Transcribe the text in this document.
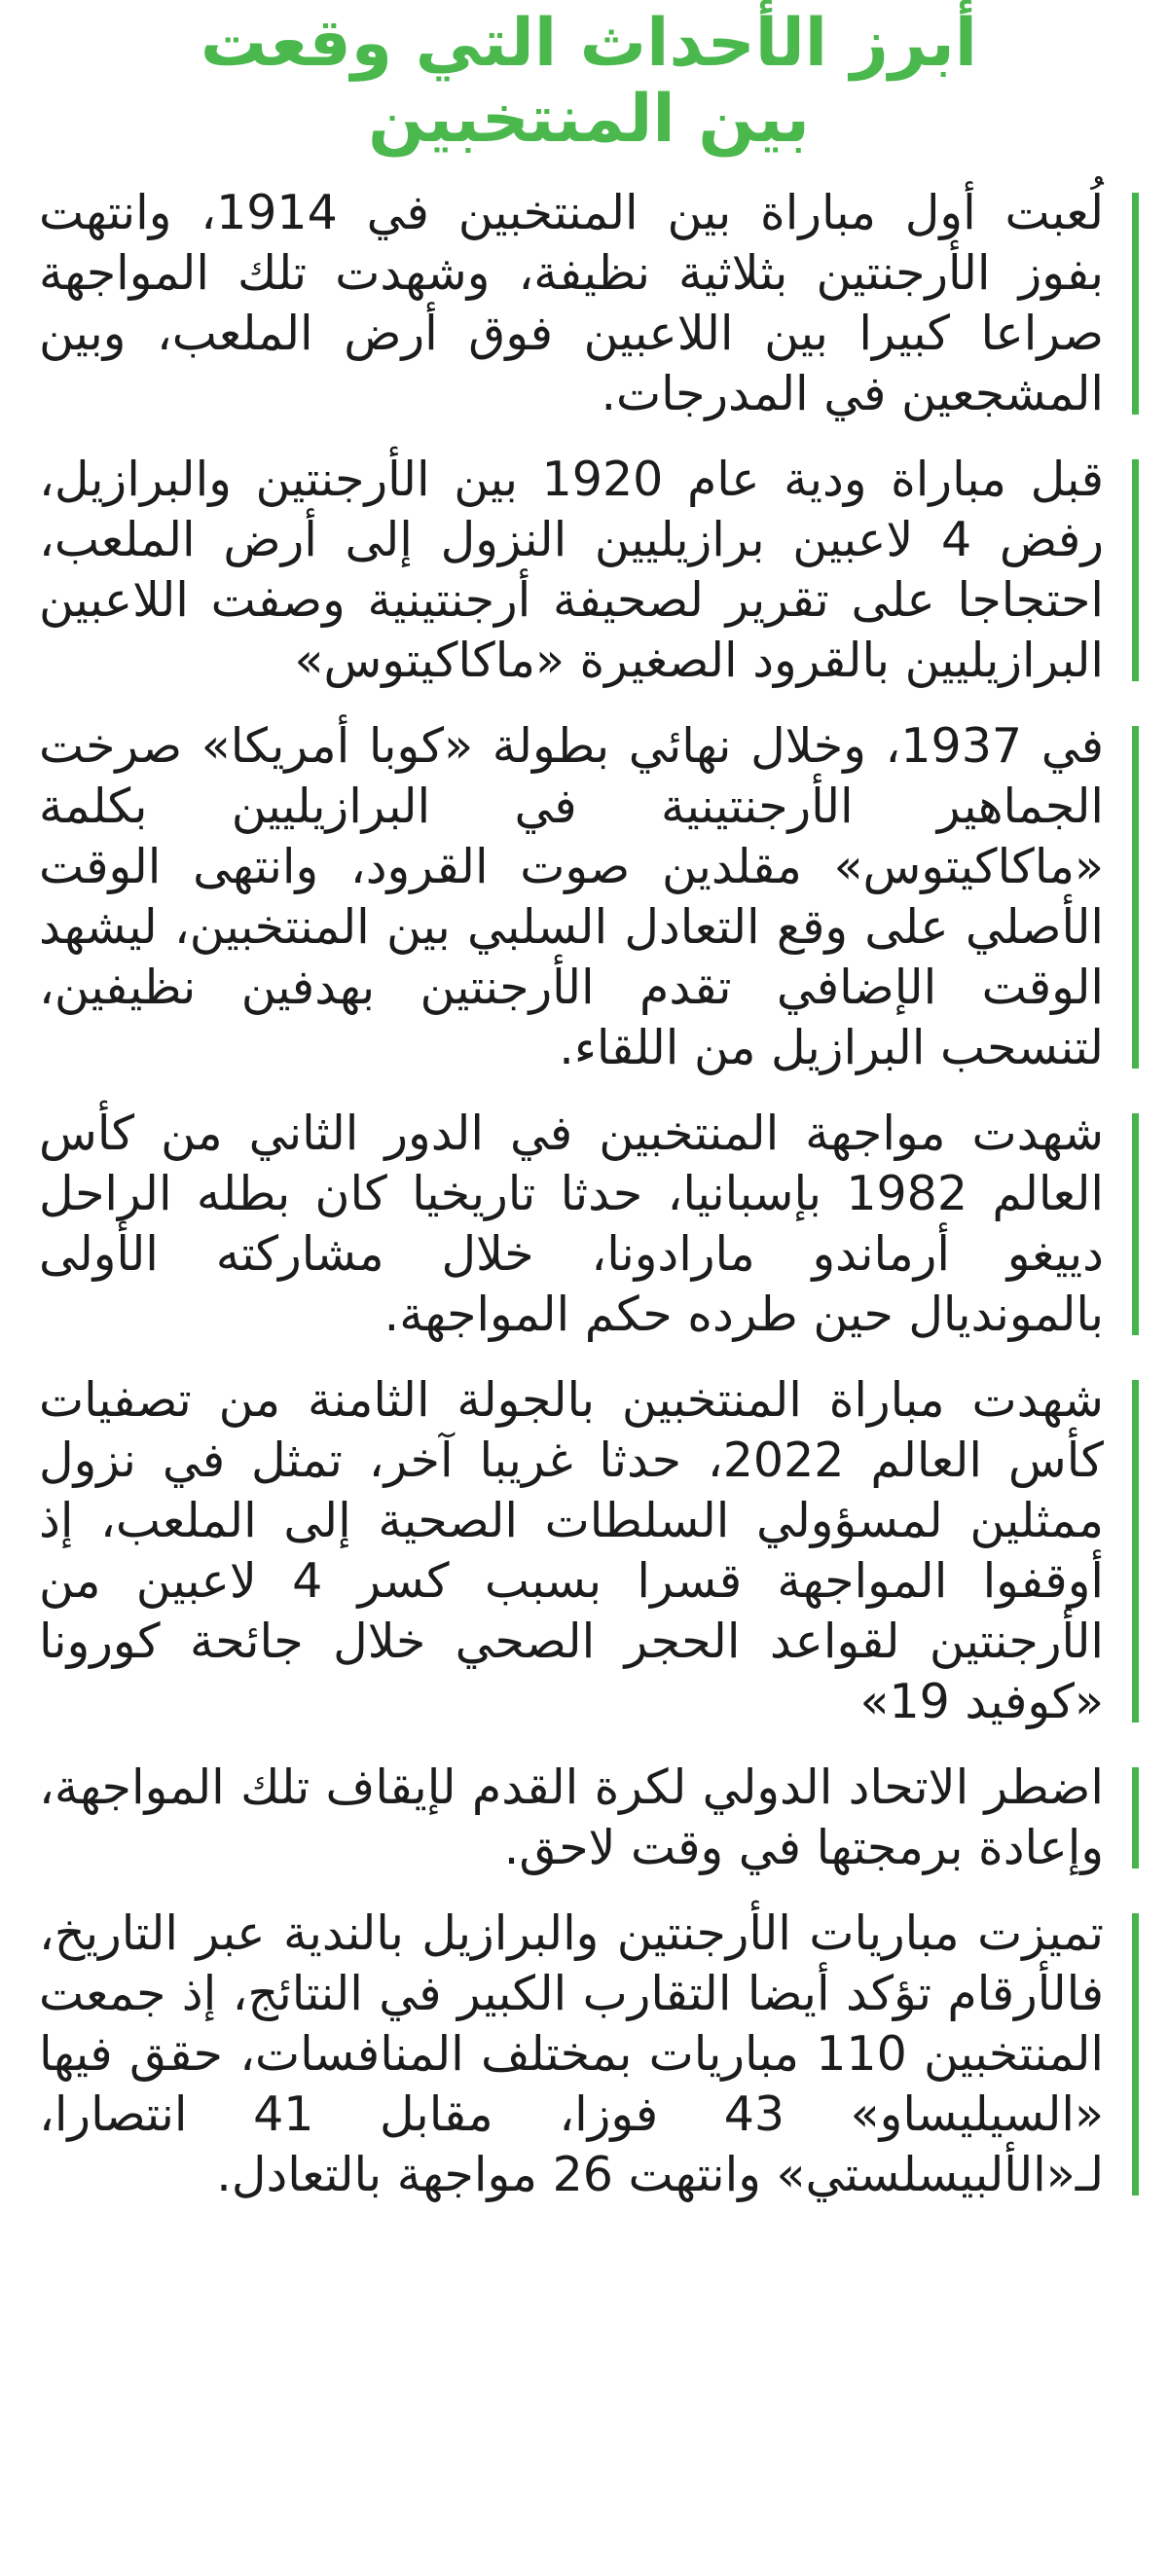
أبرز الأحداث التي وقعت
بين المنتخبين

لُعبت أول مباراة بين المنتخبين في 1914، وانتهت بفوز الأرجنتين بثلاثية نظيفة، وشهدت تلك المواجهة صراعا كبيرا بين اللاعبين فوق أرض الملعب، وبين المشجعين في المدرجات.

قبل مباراة ودية عام 1920 بين الأرجنتين والبرازيل، رفض 4 لاعبين برازيليين النزول إلى أرض الملعب، احتجاجا على تقرير لصحيفة أرجنتينية وصفت اللاعبين البرازيليين بالقرود الصغيرة «ماكاكيتوس»

في 1937، وخلال نهائي بطولة «كوبا أمريكا» صرخت الجماهير الأرجنتينية في البرازيليين بكلمة «ماكاكيتوس» مقلدين صوت القرود، وانتهى الوقت الأصلي على وقع التعادل السلبي بين المنتخبين، ليشهد الوقت الإضافي تقدم الأرجنتين بهدفين نظيفين، لتنسحب البرازيل من اللقاء.

شهدت مواجهة المنتخبين في الدور الثاني من كأس العالم 1982 بإسبانيا، حدثا تاريخيا كان بطله الراحل دييغو أرماندو مارادونا، خلال مشاركته الأولى بالمونديال حين طرده حكم المواجهة.

شهدت مباراة المنتخبين بالجولة الثامنة من تصفيات كأس العالم 2022، حدثا غريبا آخر، تمثل في نزول ممثلين لمسؤولي السلطات الصحية إلى الملعب، إذ أوقفوا المواجهة قسرا بسبب كسر 4 لاعبين من الأرجنتين لقواعد الحجر الصحي خلال جائحة كورونا «كوفيد 19»

اضطر الاتحاد الدولي لكرة القدم لإيقاف تلك المواجهة، وإعادة برمجتها في وقت لاحق.

تميزت مباريات الأرجنتين والبرازيل بالندية عبر التاريخ، فالأرقام تؤكد أيضا التقارب الكبير في النتائج، إذ جمعت المنتخبين 110 مباريات بمختلف المنافسات، حقق فيها «السيليساو» 43 فوزا، مقابل 41 انتصارا، لـ«الألبيسلستي» وانتهت 26 مواجهة بالتعادل.
